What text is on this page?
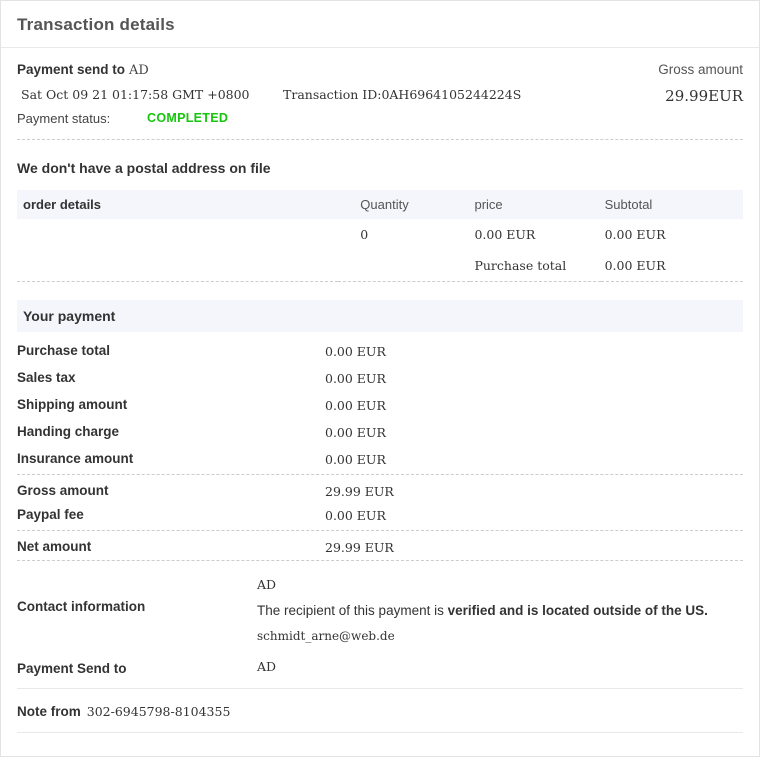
Transaction details
Payment send to AD
Sat Oct 09 21 01:17:58 GMT +0800	Transaction ID:0AH6964105244224S
Payment status:	COMPLETED
Gross amount
29.99EUR
We don't have a postal address on file
order details	Quantity	price	Subtotal
	0	0.00 EUR	0.00 EUR
		Purchase total	0.00 EUR
Your payment
Purchase total	0.00 EUR
Sales tax	0.00 EUR
Shipping amount	0.00 EUR
Handing charge	0.00 EUR
Insurance amount	0.00 EUR
Gross amount	29.99 EUR
Paypal fee	0.00 EUR
Net amount	29.99 EUR
Contact information
AD
The recipient of this payment is verified and is located outside of the US.
schmidt_arne@web.de
Payment Send to	AD
Note from 302-6945798-8104355
